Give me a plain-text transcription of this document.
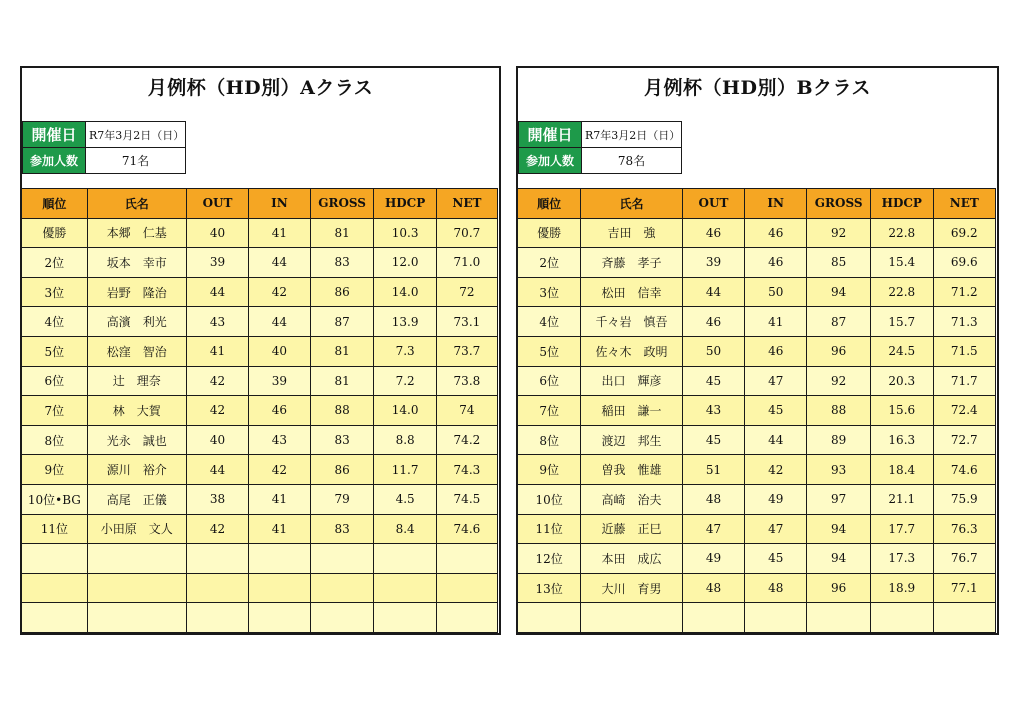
月例杯（HD別）Aクラス
開催日	R7年3月2日（日）
参加人数	71名
順位	氏名	OUT	IN	GROSS	HDCP	NET
優勝	本郷　仁基	40	41	81	10.3	70.7
2位	坂本　幸市	39	44	83	12.0	71.0
3位	岩野　隆治	44	42	86	14.0	72
4位	高濱　利光	43	44	87	13.9	73.1
5位	松窪　智治	41	40	81	7.3	73.7
6位	辻　理奈	42	39	81	7.2	73.8
7位	林　大賀	42	46	88	14.0	74
8位	光永　誠也	40	43	83	8.8	74.2
9位	源川　裕介	44	42	86	11.7	74.3
10位•BG	高尾　正儀	38	41	79	4.5	74.5
11位	小田原　文人	42	41	83	8.4	74.6

月例杯（HD別）Bクラス
開催日	R7年3月2日（日）
参加人数	78名
順位	氏名	OUT	IN	GROSS	HDCP	NET
優勝	吉田　強	46	46	92	22.8	69.2
2位	斉藤　孝子	39	46	85	15.4	69.6
3位	松田　信幸	44	50	94	22.8	71.2
4位	千々岩　慎吾	46	41	87	15.7	71.3
5位	佐々木　政明	50	46	96	24.5	71.5
6位	出口　輝彦	45	47	92	20.3	71.7
7位	稲田　謙一	43	45	88	15.6	72.4
8位	渡辺　邦生	45	44	89	16.3	72.7
9位	曽我　惟雄	51	42	93	18.4	74.6
10位	高崎　治夫	48	49	97	21.1	75.9
11位	近藤　正巳	47	47	94	17.7	76.3
12位	本田　成広	49	45	94	17.3	76.7
13位	大川　育男	48	48	96	18.9	77.1
